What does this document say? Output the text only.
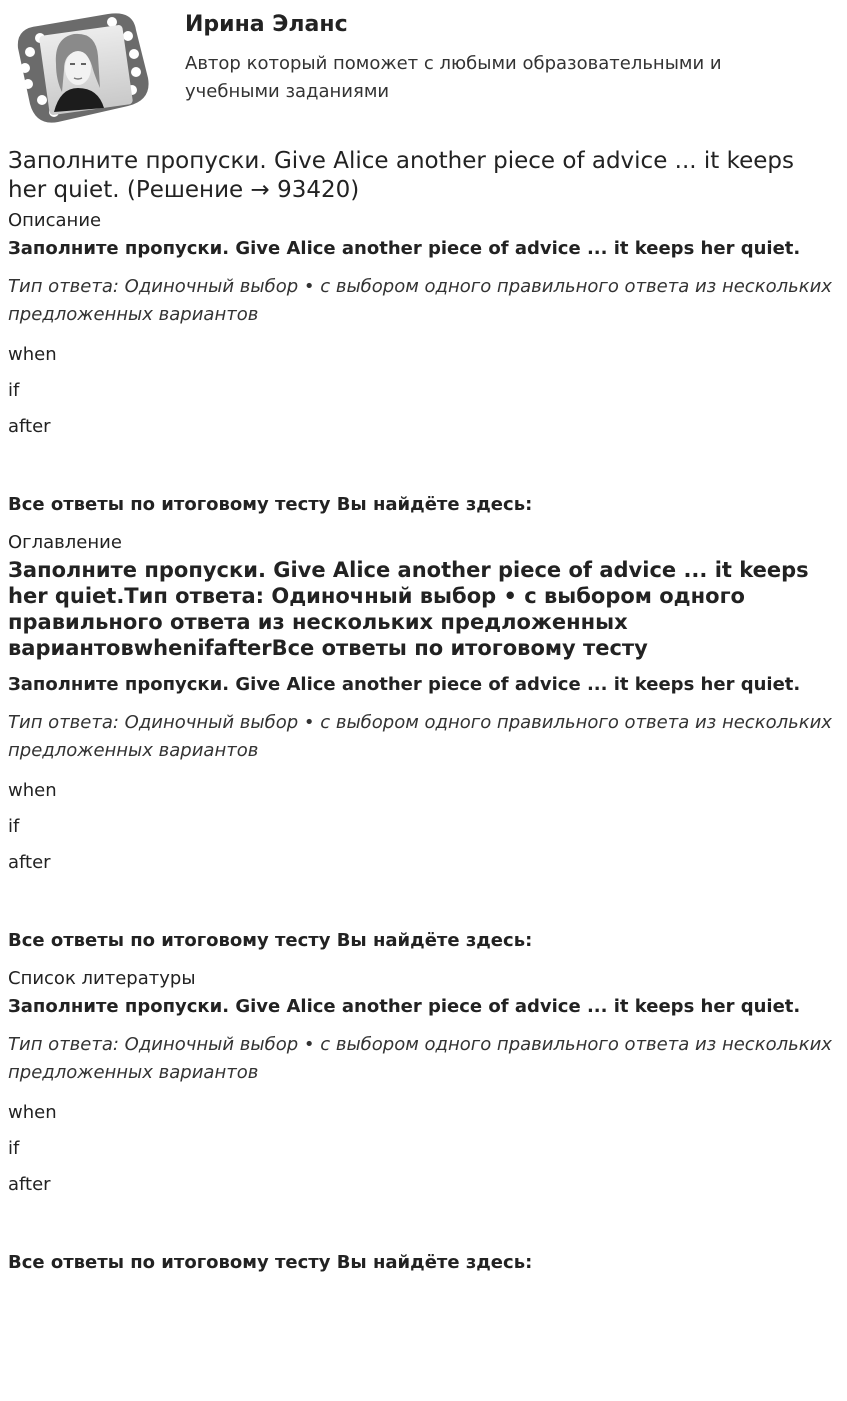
Ирина Эланс
Автор который поможет с любыми образовательными и учебными заданиями
Заполните пропуски. Give Alice another piece of advice ... it keeps her quiet. (Решение → 93420)

Описание

Заполните пропуски. Give Alice another piece of advice ... it keeps her quiet.

Тип ответа: Одиночный выбор • с выбором одного правильного ответа из нескольких предложенных вариантов

when

if

after

Все ответы по итоговому тесту Вы найдёте здесь:

Оглавление

Заполните пропуски. Give Alice another piece of advice ... it keeps her quiet.Тип ответа: Одиночный выбор • с выбором одного правильного ответа из нескольких предложенных вариантовwhenifafterВсе ответы по итоговому тесту

Заполните пропуски. Give Alice another piece of advice ... it keeps her quiet.

Тип ответа: Одиночный выбор • с выбором одного правильного ответа из нескольких предложенных вариантов

when

if

after

Все ответы по итоговому тесту Вы найдёте здесь:

Список литературы

Заполните пропуски. Give Alice another piece of advice ... it keeps her quiet.

Тип ответа: Одиночный выбор • с выбором одного правильного ответа из нескольких предложенных вариантов

when

if

after

Все ответы по итоговому тесту Вы найдёте здесь:
